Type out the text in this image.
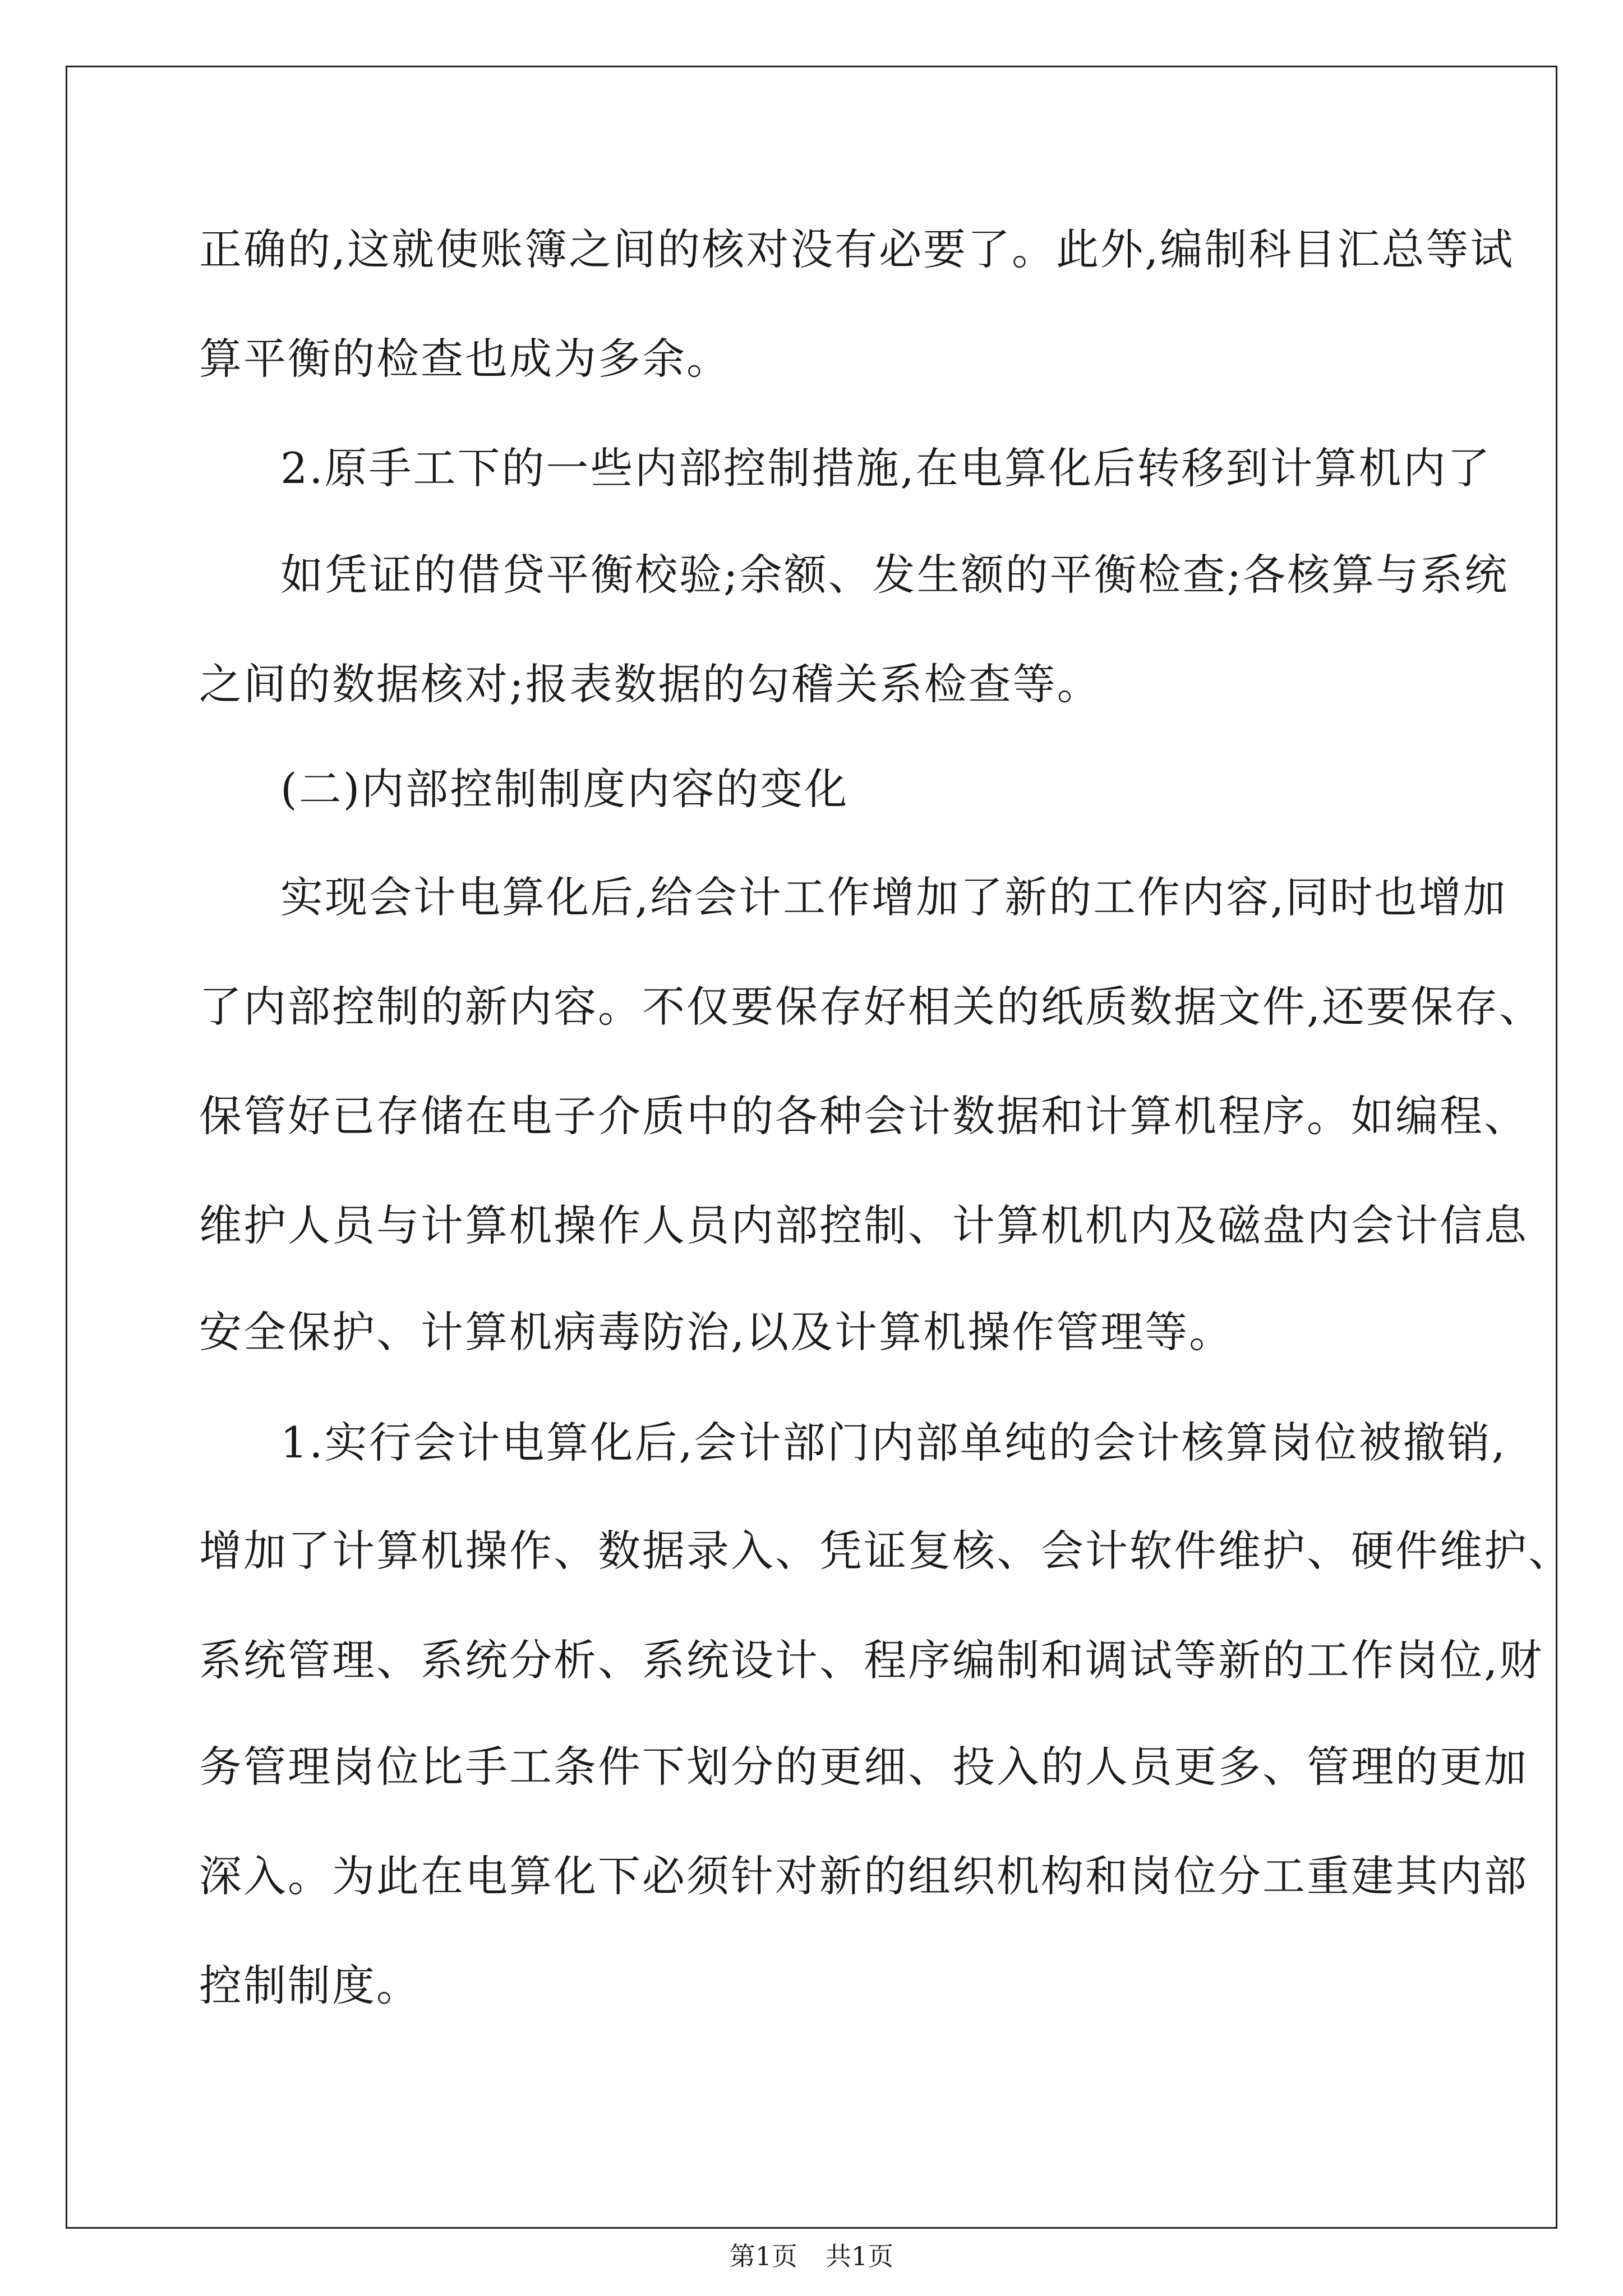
正确的,这就使账簿之间的核对没有必要了。此外,编制科目汇总等试
算平衡的检查也成为多余。
2.原手工下的一些内部控制措施,在电算化后转移到计算机内了
如凭证的借贷平衡校验;余额、发生额的平衡检查;各核算与系统
之间的数据核对;报表数据的勾稽关系检查等。
(二)内部控制制度内容的变化
实现会计电算化后,给会计工作增加了新的工作内容,同时也增加
了内部控制的新内容。不仅要保存好相关的纸质数据文件,还要保存、
保管好已存储在电子介质中的各种会计数据和计算机程序。如编程、
维护人员与计算机操作人员内部控制、计算机机内及磁盘内会计信息
安全保护、计算机病毒防治,以及计算机操作管理等。
1.实行会计电算化后,会计部门内部单纯的会计核算岗位被撤销,
增加了计算机操作、数据录入、凭证复核、会计软件维护、硬件维护、
系统管理、系统分析、系统设计、程序编制和调试等新的工作岗位,财
务管理岗位比手工条件下划分的更细、投入的人员更多、管理的更加
深入。为此在电算化下必须针对新的组织机构和岗位分工重建其内部
控制制度。
第1页 共1页
